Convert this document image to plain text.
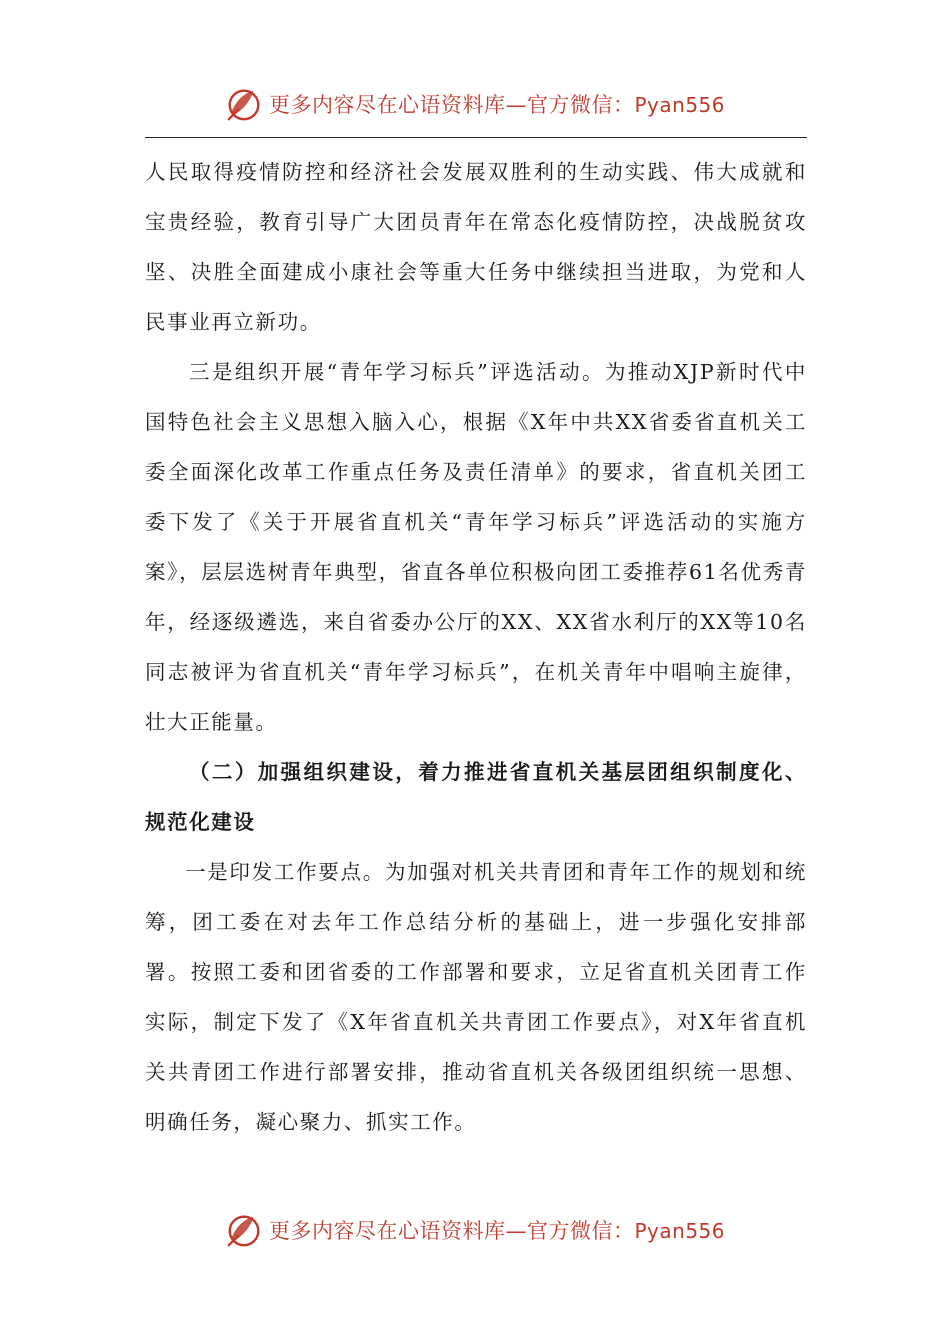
更多内容尽在心语资料库—官方微信：Pyan556

人民取得疫情防控和经济社会发展双胜利的生动实践、伟大成就和宝贵经验，教育引导广大团员青年在常态化疫情防控，决战脱贫攻坚、决胜全面建成小康社会等重大任务中继续担当进取，为党和人民事业再立新功。

三是组织开展“青年学习标兵”评选活动。为推动XJP新时代中国特色社会主义思想入脑入心，根据《X年中共XX省委省直机关工委全面深化改革工作重点任务及责任清单》的要求，省直机关团工委下发了《关于开展省直机关“青年学习标兵”评选活动的实施方案》，层层选树青年典型，省直各单位积极向团工委推荐61名优秀青年，经逐级遴选，来自省委办公厅的XX、XX省水利厅的XX等10名同志被评为省直机关“青年学习标兵”，在机关青年中唱响主旋律，壮大正能量。

（二）加强组织建设，着力推进省直机关基层团组织制度化、规范化建设

一是印发工作要点。为加强对机关共青团和青年工作的规划和统筹，团工委在对去年工作总结分析的基础上，进一步强化安排部署。按照工委和团省委的工作部署和要求，立足省直机关团青工作实际，制定下发了《X年省直机关共青团工作要点》，对X年省直机关共青团工作进行部署安排，推动省直机关各级团组织统一思想、明确任务，凝心聚力、抓实工作。

更多内容尽在心语资料库—官方微信：Pyan556
